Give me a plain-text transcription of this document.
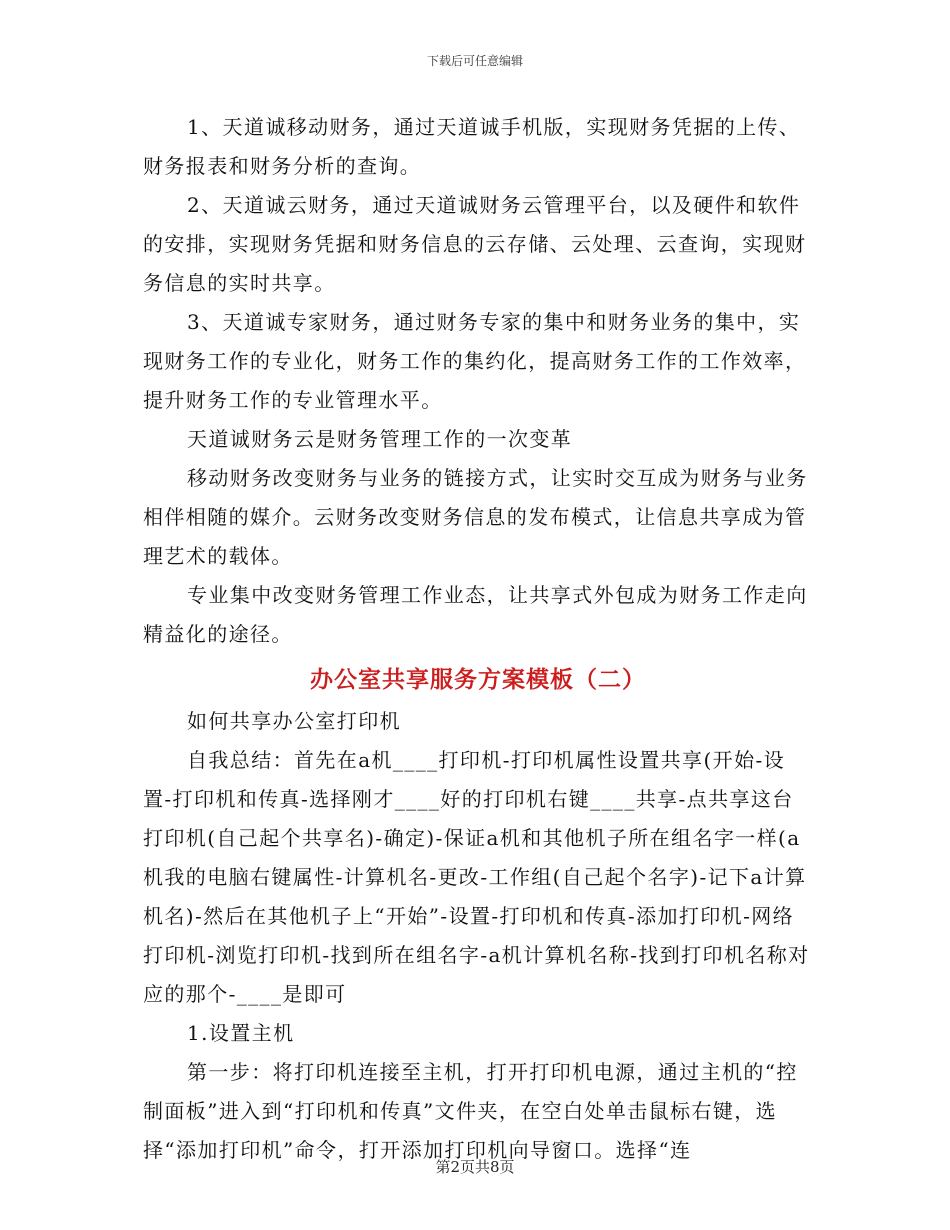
下载后可任意编辑

1、天道诚移动财务，通过天道诚手机版，实现财务凭据的上传、财务报表和财务分析的查询。

2、天道诚云财务，通过天道诚财务云管理平台，以及硬件和软件的安排，实现财务凭据和财务信息的云存储、云处理、云查询，实现财务信息的实时共享。

3、天道诚专家财务，通过财务专家的集中和财务业务的集中，实现财务工作的专业化，财务工作的集约化，提高财务工作的工作效率，提升财务工作的专业管理水平。

天道诚财务云是财务管理工作的一次变革

移动财务改变财务与业务的链接方式，让实时交互成为财务与业务相伴相随的媒介。云财务改变财务信息的发布模式，让信息共享成为管理艺术的载体。

专业集中改变财务管理工作业态，让共享式外包成为财务工作走向精益化的途径。

办公室共享服务方案模板（二）

如何共享办公室打印机

自我总结：首先在a机____打印机-打印机属性设置共享(开始-设置-打印机和传真-选择刚才____好的打印机右键____共享-点共享这台打印机(自己起个共享名)-确定)-保证a机和其他机子所在组名字一样(a机我的电脑右键属性-计算机名-更改-工作组(自己起个名字)-记下a计算机名)-然后在其他机子上“开始”-设置-打印机和传真-添加打印机-网络打印机-浏览打印机-找到所在组名字-a机计算机名称-找到打印机名称对应的那个-____是即可

1.设置主机

第一步：将打印机连接至主机，打开打印机电源，通过主机的“控制面板”进入到“打印机和传真”文件夹，在空白处单击鼠标右键，选择“添加打印机”命令，打开添加打印机向导窗口。选择“连

第2页共8页
